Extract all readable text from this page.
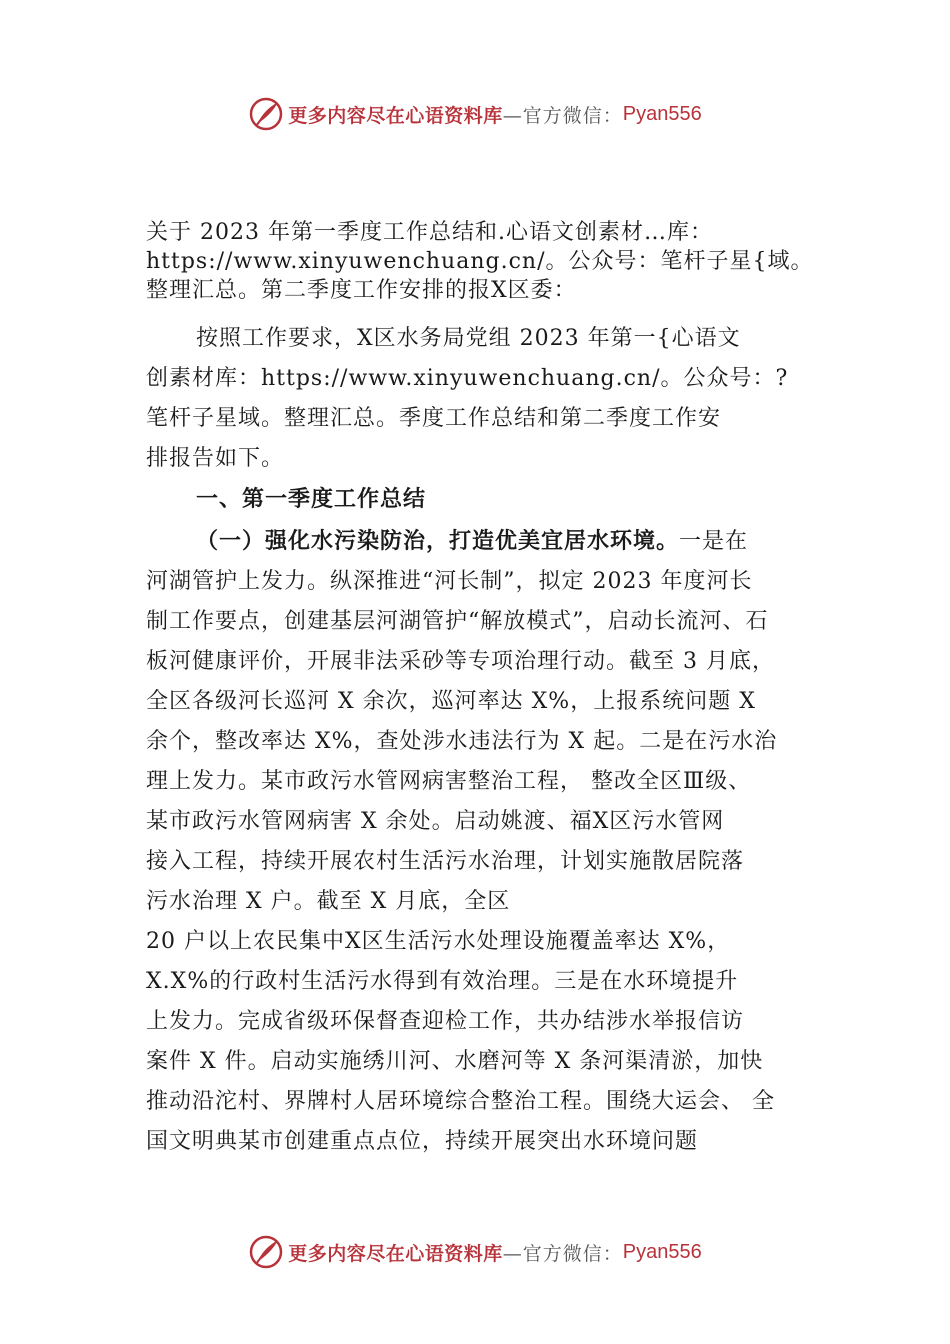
更多内容尽在心语资料库 —官方微信： Pyan556
关于 2023 年第一季度工作总结和.心语文创素材…库：
https://www.xinyuwenchuang.cn/。公众号：笔杆子星{域。
整理汇总。第二季度工作安排的报X区委：
按照工作要求，X区水务局党组 2023 年第一{心语文
创素材库：https://www.xinyuwenchuang.cn/。公众号：?
笔杆子星域。整理汇总。季度工作总结和第二季度工作安
排报告如下。
一、第一季度工作总结
（一）强化水污染防治，打造优美宜居水环境。一是在
河湖管护上发力。纵深推进“河长制”，拟定 2023 年度河长
制工作要点，创建基层河湖管护“解放模式”，启动长流河、石
板河健康评价，开展非法采砂等专项治理行动。截至 3 月底，
全区各级河长巡河 X 余次，巡河率达 X%，上报系统问题 X
余个，整改率达 X%，查处涉水违法行为 X 起。二是在污水治
理上发力。某市政污水管网病害整治工程， 整改全区Ⅲ级、
某市政污水管网病害 X 余处。启动姚渡、福X区污水管网
接入工程，持续开展农村生活污水治理，计划实施散居院落
污水治理 X 户。截至 X 月底，全区
20 户以上农民集中X区生活污水处理设施覆盖率达 X%，
X.X%的行政村生活污水得到有效治理。三是在水环境提升
上发力。完成省级环保督查迎检工作，共办结涉水举报信访
案件 X 件。启动实施绣川河、水磨河等 X 条河渠清淤，加快
推动沿沱村、界牌村人居环境综合整治工程。围绕大运会、 全
国文明典某市创建重点点位，持续开展突出水环境问题
更多内容尽在心语资料库 —官方微信： Pyan556
